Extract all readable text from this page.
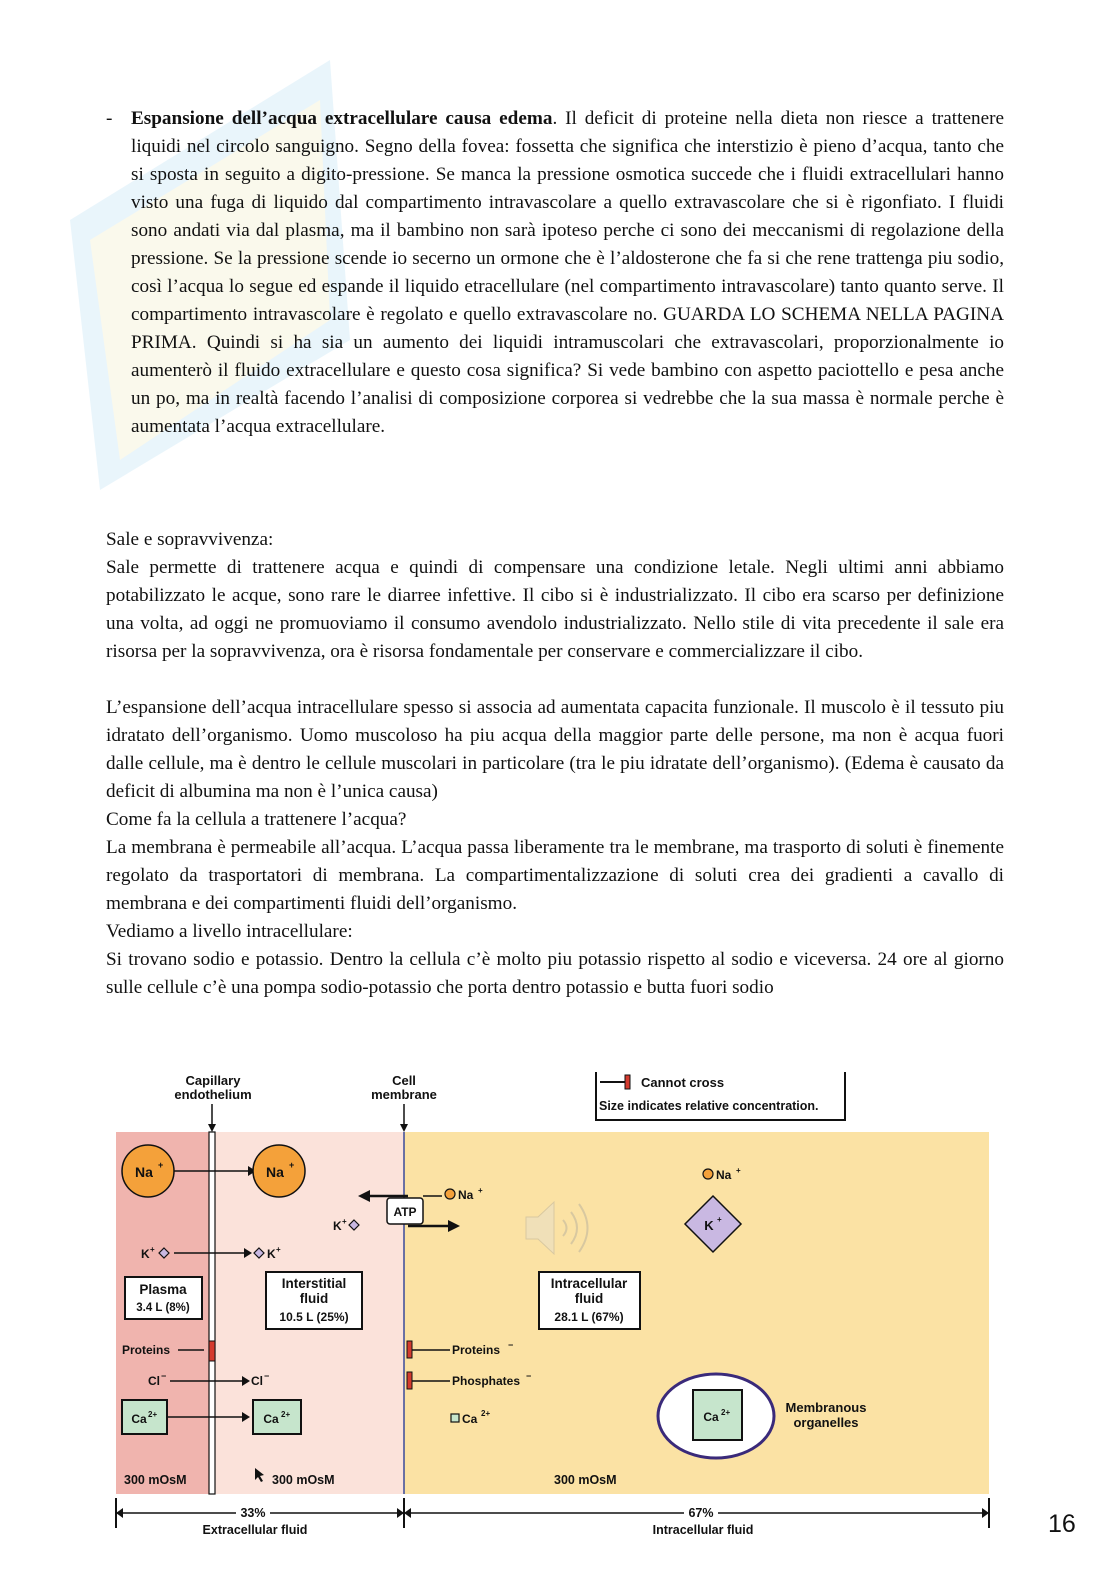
- Espansione dell’acqua extracellulare causa edema. Il deficit di proteine nella dieta non riesce a trattenere liquidi nel circolo sanguigno. Segno della fovea: fossetta che significa che interstizio è pieno d’acqua, tanto che si sposta in seguito a digito-pressione. Se manca la pressione osmotica succede che i fluidi extracellulari hanno visto una fuga di liquido dal compartimento intravascolare a quello extravascolare che si è rigonfiato. I fluidi sono andati via dal plasma, ma il bambino non sarà ipoteso perche ci sono dei meccanismi di regolazione della pressione. Se la pressione scende io secerno un ormone che è l’aldosterone che fa si che rene trattenga piu sodio, così l’acqua lo segue ed espande il liquido etracellulare (nel compartimento intravascolare) tanto quanto serve. Il compartimento intravascolare è regolato e quello extravascolare no. GUARDA LO SCHEMA NELLA PAGINA PRIMA. Quindi si ha sia un aumento dei liquidi intramuscolari che extravascolari, proporzionalmente io aumenterò il fluido extracellulare e questo cosa significa? Si vede bambino con aspetto paciottello e pesa anche un po, ma in realtà facendo l’analisi di composizione corporea si vedrebbe che la sua massa è normale perche è aumentata l’acqua extracellulare.

Sale e sopravvivenza:

Sale permette di trattenere acqua e quindi di compensare una condizione letale. Negli ultimi anni abbiamo potabilizzato le acque, sono rare le diarree infettive. Il cibo si è industrializzato. Il cibo era scarso per definizione una volta, ad oggi ne promuoviamo il consumo avendolo industrializzato. Nello stile di vita precedente il sale era risorsa per la sopravvivenza, ora è risorsa fondamentale per conservare e commercializzare il cibo.

L’espansione dell’acqua intracellulare spesso si associa ad aumentata capacita funzionale. Il muscolo è il tessuto piu idratato dell’organismo. Uomo muscoloso ha piu acqua della maggior parte delle persone, ma non è acqua fuori dalle cellule, ma è dentro le cellule muscolari in particolare (tra le piu idratate dell’organismo). (Edema è causato da deficit di albumina ma non è l’unica causa)

Come fa la cellula a trattenere l’acqua?

La membrana è permeabile all’acqua. L’acqua passa liberamente tra le membrane, ma trasporto di soluti è finemente regolato da trasportatori di membrana. La compartimentalizzazione di soluti crea dei gradienti a cavallo di membrana e dei compartimenti fluidi dell’organismo.

Vediamo a livello intracellulare:

Si trovano sodio e potassio. Dentro la cellula c’è molto piu potassio rispetto al sodio e viceversa. 24 ore al giorno sulle cellule c’è una pompa sodio-potassio che porta dentro potassio e butta fuori sodio

Capillary
endothelium
Cell
membrane
Cannot cross
Size indicates relative concentration.
Na +	Na +
ATP
Na +
K +
Na +
K +
K +	K +
Plasma
3.4 L (8%)
Interstitial
fluid
10.5 L (25%)
Intracellular
fluid
28.1 L (67%)
Proteins	Proteins −
Cl −	Cl −	Phosphates −
Ca 2+	Ca 2+	Ca 2+	Ca 2+	Membranous
organelles
300 mOsM	300 mOsM	300 mOsM
33%
Extracellular fluid
67%
Intracellular fluid	16
